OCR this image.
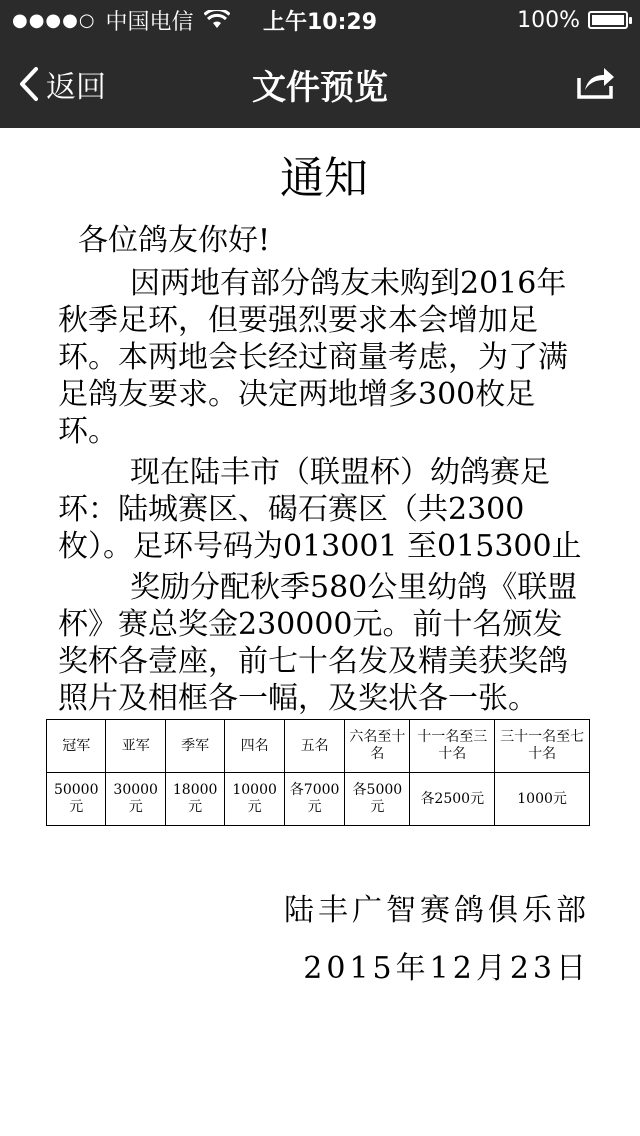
●●●●○ 中国电信	上午10:29	100%
返回	文件预览
通知

各位鸽友你好!

因两地有部分鸽友未购到2016年秋季足环，但要强烈要求本会增加足环。本两地会长经过商量考虑，为了满足鸽友要求。决定两地增多300枚足环。

现在陆丰市（联盟杯）幼鸽赛足环：陆城赛区、碣石赛区（共2300枚）。足环号码为013001 至015300止

奖励分配秋季580公里幼鸽《联盟杯》赛总奖金230000元。前十名颁发奖杯各壹座，前七十名发及精美获奖鸽照片及相框各一幅，及奖状各一张。

冠军	亚军	季军	四名	五名	六名至十名	十一名至三十名	三十一名至七十名
50000元	30000元	18000元	10000元	各7000元	各5000元	各2500元	1000元
陆丰广智赛鸽俱乐部
2015年12月23日
